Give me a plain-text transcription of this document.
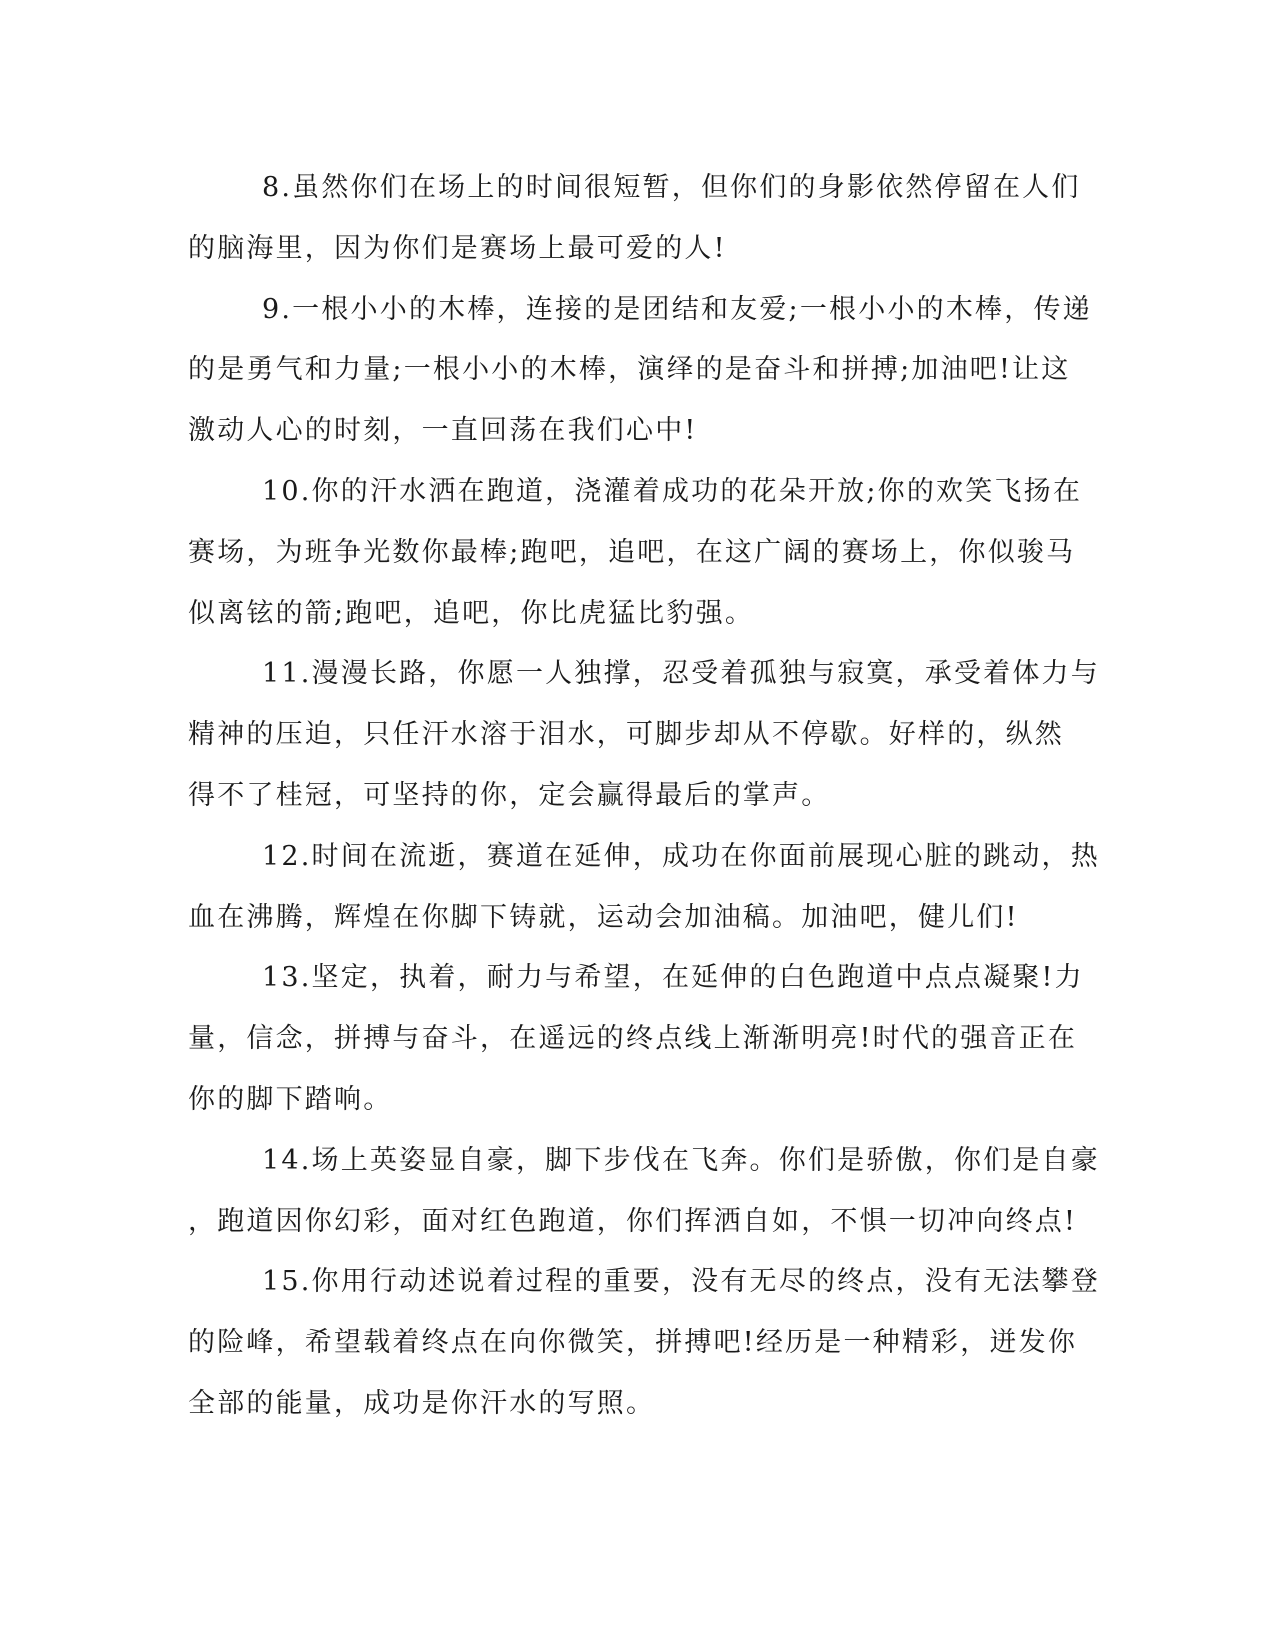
8.虽然你们在场上的时间很短暂，但你们的身影依然停留在人们
的脑海里，因为你们是赛场上最可爱的人!

9.一根小小的木棒，连接的是团结和友爱;一根小小的木棒，传递
的是勇气和力量;一根小小的木棒，演绎的是奋斗和拼搏;加油吧!让这
激动人心的时刻，一直回荡在我们心中!

10.你的汗水洒在跑道，浇灌着成功的花朵开放;你的欢笑飞扬在
赛场，为班争光数你最棒;跑吧，追吧，在这广阔的赛场上，你似骏马
似离铉的箭;跑吧，追吧，你比虎猛比豹强。

11.漫漫长路，你愿一人独撑，忍受着孤独与寂寞，承受着体力与
精神的压迫，只任汗水溶于泪水，可脚步却从不停歇。好样的，纵然
得不了桂冠，可坚持的你，定会赢得最后的掌声。

12.时间在流逝，赛道在延伸，成功在你面前展现心脏的跳动，热
血在沸腾，辉煌在你脚下铸就，运动会加油稿。加油吧，健儿们!

13.坚定，执着，耐力与希望，在延伸的白色跑道中点点凝聚!力
量，信念，拼搏与奋斗，在遥远的终点线上渐渐明亮!时代的强音正在
你的脚下踏响。

14.场上英姿显自豪，脚下步伐在飞奔。你们是骄傲，你们是自豪
，跑道因你幻彩，面对红色跑道，你们挥洒自如，不惧一切冲向终点!

15.你用行动述说着过程的重要，没有无尽的终点，没有无法攀登
的险峰，希望载着终点在向你微笑，拼搏吧!经历是一种精彩，迸发你
全部的能量，成功是你汗水的写照。
